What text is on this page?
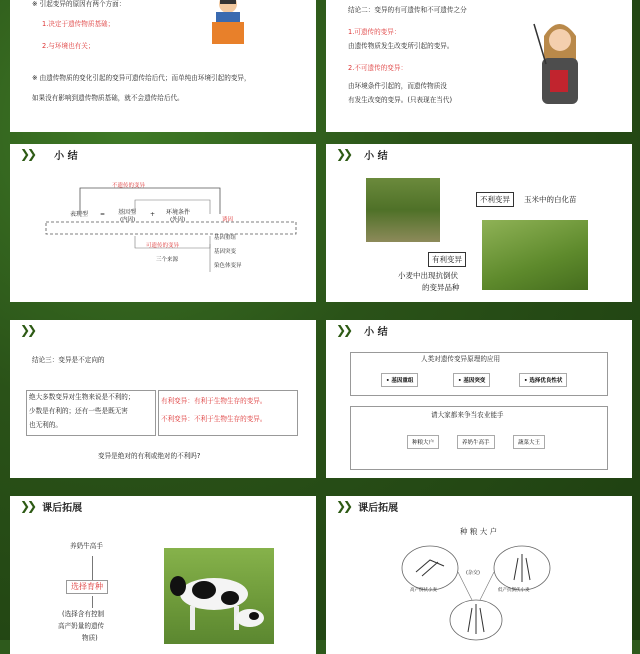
※ 引起变异的原因有两个方面：
1.决定于遗传物质基础；
2.与环境也有关；
※ 由遗传物质的变化引起的变异可遗传给后代；而单纯由环境引起的变异，
如果没有影响到遗传物质基础，就不会遗传给后代。
结论二：变异的有可遗传和不可遗传之分
1.可遗传的变异：
由遗传物质发生改变所引起的变异。
2.不可遗传的变异：
由环境条件引起的，而遗传物质没
有发生改变的变异。(只表现在当代)
❯❯ 小 结
不遗传的变异
表现型 = 基因型
(内因)
+ 环境条件
(外因)	诱因
可遗传的变异
三个来源
基因重组
基因突变
染色体变异
❯❯ 小 结
不利变异	玉米中的白化苗
有利变异
小麦中出现抗倒伏
的变异品种
❯❯
结论三：变异是不定向的
绝大多数变异对生物来说是不利的；
少数是有利的；还有一些是既无害
也无利的。
有利变异：有利于生物生存的变异。
不利变异：不利于生物生存的变异。
变异是绝对的有利或绝对的不利吗?
❯❯ 小 结
人类对遗传变异原理的应用
• 基因重组	• 基因突变	• 选择优良性状
请大家都来争当农业能手
种粮大户	养奶牛高手	蔬菜大王
❯❯ 课后拓展
养奶牛高手
选择育种
(选择含有控制
高产奶量的遗传
物质)
❯❯ 课后拓展
种 粮 大 户
(杂交)
高产倒伏小麦	低产抗倒伏小麦
